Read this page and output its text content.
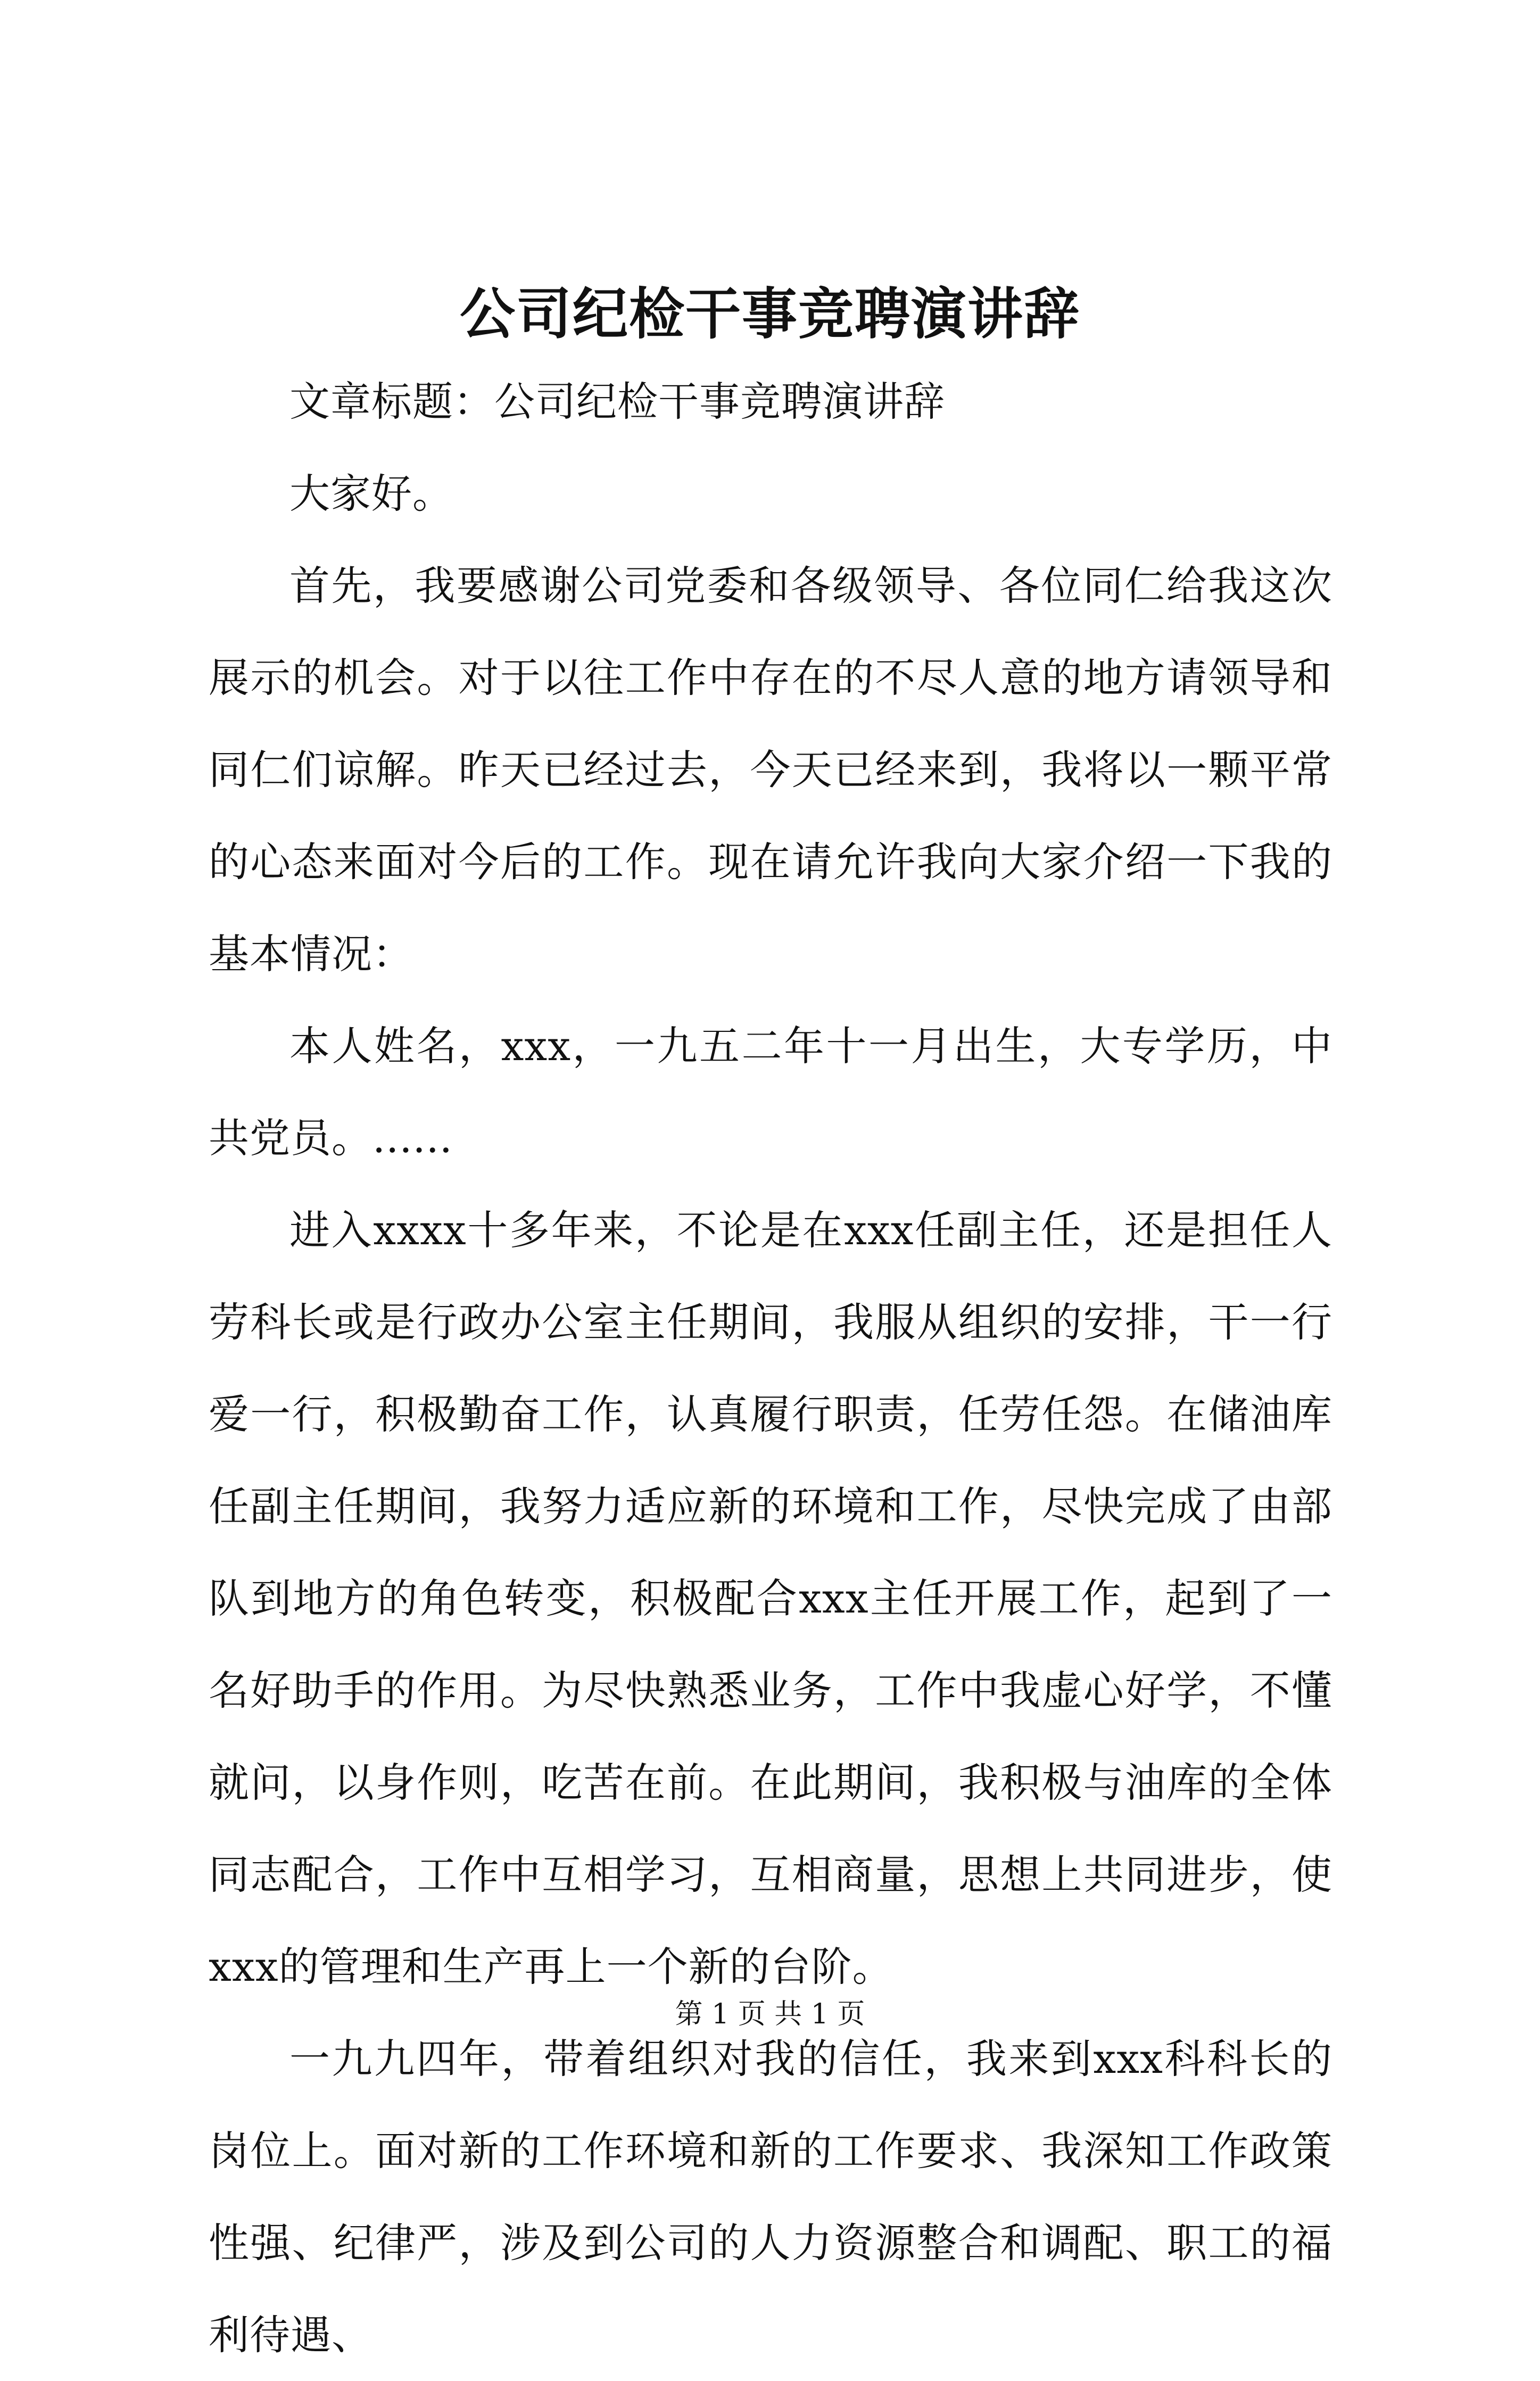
公司纪检干事竞聘演讲辞

文章标题：公司纪检干事竞聘演讲辞

大家好。

首先，我要感谢公司党委和各级领导、各位同仁给我这次展示的机会。对于以往工作中存在的不尽人意的地方请领导和同仁们谅解。昨天已经过去，今天已经来到，我将以一颗平常的心态来面对今后的工作。现在请允许我向大家介绍一下我的基本情况：

本人姓名，xxx，一九五二年十一月出生，大专学历，中共党员。......

进入xxxx十多年来，不论是在xxx任副主任，还是担任人劳科长或是行政办公室主任期间，我服从组织的安排，干一行爱一行，积极勤奋工作，认真履行职责，任劳任怨。在储油库任副主任期间，我努力适应新的环境和工作，尽快完成了由部队到地方的角色转变，积极配合xxx主任开展工作，起到了一名好助手的作用。为尽快熟悉业务，工作中我虚心好学，不懂就问，以身作则，吃苦在前。在此期间，我积极与油库的全体同志配合，工作中互相学习，互相商量，思想上共同进步，使xxx的管理和生产再上一个新的台阶。

一九九四年，带着组织对我的信任，我来到xxx科科长的岗位上。面对新的工作环境和新的工作要求、我深知工作政策性强、纪律严，涉及到公司的人力资源整合和调配、职工的福利待遇、

第 1 页 共 1 页
